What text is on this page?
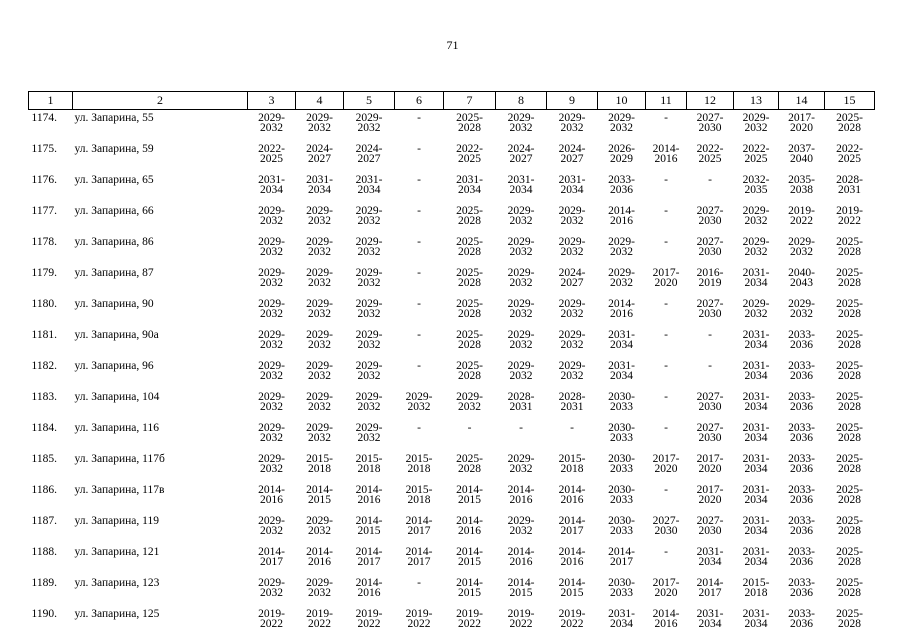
71
1	2	3	4	5	6	7	8	9	10	11	12	13	14	15
1174.	ул. Запарина, 55	2029-
2032	2029-
2032	2029-
2032	-	2025-
2028	2029-
2032	2029-
2032	2029-
2032	-	2027-
2030	2029-
2032	2017-
2020	2025-
2028
1175.	ул. Запарина, 59	2022-
2025	2024-
2027	2024-
2027	-	2022-
2025	2024-
2027	2024-
2027	2026-
2029	2014-
2016	2022-
2025	2022-
2025	2037-
2040	2022-
2025
1176.	ул. Запарина, 65	2031-
2034	2031-
2034	2031-
2034	-	2031-
2034	2031-
2034	2031-
2034	2033-
2036	-	-	2032-
2035	2035-
2038	2028-
2031
1177.	ул. Запарина, 66	2029-
2032	2029-
2032	2029-
2032	-	2025-
2028	2029-
2032	2029-
2032	2014-
2016	-	2027-
2030	2029-
2032	2019-
2022	2019-
2022
1178.	ул. Запарина, 86	2029-
2032	2029-
2032	2029-
2032	-	2025-
2028	2029-
2032	2029-
2032	2029-
2032	-	2027-
2030	2029-
2032	2029-
2032	2025-
2028
1179.	ул. Запарина, 87	2029-
2032	2029-
2032	2029-
2032	-	2025-
2028	2029-
2032	2024-
2027	2029-
2032	2017-
2020	2016-
2019	2031-
2034	2040-
2043	2025-
2028
1180.	ул. Запарина, 90	2029-
2032	2029-
2032	2029-
2032	-	2025-
2028	2029-
2032	2029-
2032	2014-
2016	-	2027-
2030	2029-
2032	2029-
2032	2025-
2028
1181.	ул. Запарина, 90а	2029-
2032	2029-
2032	2029-
2032	-	2025-
2028	2029-
2032	2029-
2032	2031-
2034	-	-	2031-
2034	2033-
2036	2025-
2028
1182.	ул. Запарина, 96	2029-
2032	2029-
2032	2029-
2032	-	2025-
2028	2029-
2032	2029-
2032	2031-
2034	-	-	2031-
2034	2033-
2036	2025-
2028
1183.	ул. Запарина, 104	2029-
2032	2029-
2032	2029-
2032	2029-
2032	2029-
2032	2028-
2031	2028-
2031	2030-
2033	-	2027-
2030	2031-
2034	2033-
2036	2025-
2028
1184.	ул. Запарина, 116	2029-
2032	2029-
2032	2029-
2032	-	-	-	-	2030-
2033	-	2027-
2030	2031-
2034	2033-
2036	2025-
2028
1185.	ул. Запарина, 117б	2029-
2032	2015-
2018	2015-
2018	2015-
2018	2025-
2028	2029-
2032	2015-
2018	2030-
2033	2017-
2020	2017-
2020	2031-
2034	2033-
2036	2025-
2028
1186.	ул. Запарина, 117в	2014-
2016	2014-
2015	2014-
2016	2015-
2018	2014-
2015	2014-
2016	2014-
2016	2030-
2033	-	2017-
2020	2031-
2034	2033-
2036	2025-
2028
1187.	ул. Запарина, 119	2029-
2032	2029-
2032	2014-
2015	2014-
2017	2014-
2016	2029-
2032	2014-
2017	2030-
2033	2027-
2030	2027-
2030	2031-
2034	2033-
2036	2025-
2028
1188.	ул. Запарина, 121	2014-
2017	2014-
2016	2014-
2017	2014-
2017	2014-
2015	2014-
2016	2014-
2016	2014-
2017	-	2031-
2034	2031-
2034	2033-
2036	2025-
2028
1189.	ул. Запарина, 123	2029-
2032	2029-
2032	2014-
2016	-	2014-
2015	2014-
2015	2014-
2015	2030-
2033	2017-
2020	2014-
2017	2015-
2018	2033-
2036	2025-
2028
1190.	ул. Запарина, 125	2019-
2022	2019-
2022	2019-
2022	2019-
2022	2019-
2022	2019-
2022	2019-
2022	2031-
2034	2014-
2016	2031-
2034	2031-
2034	2033-
2036	2025-
2028
